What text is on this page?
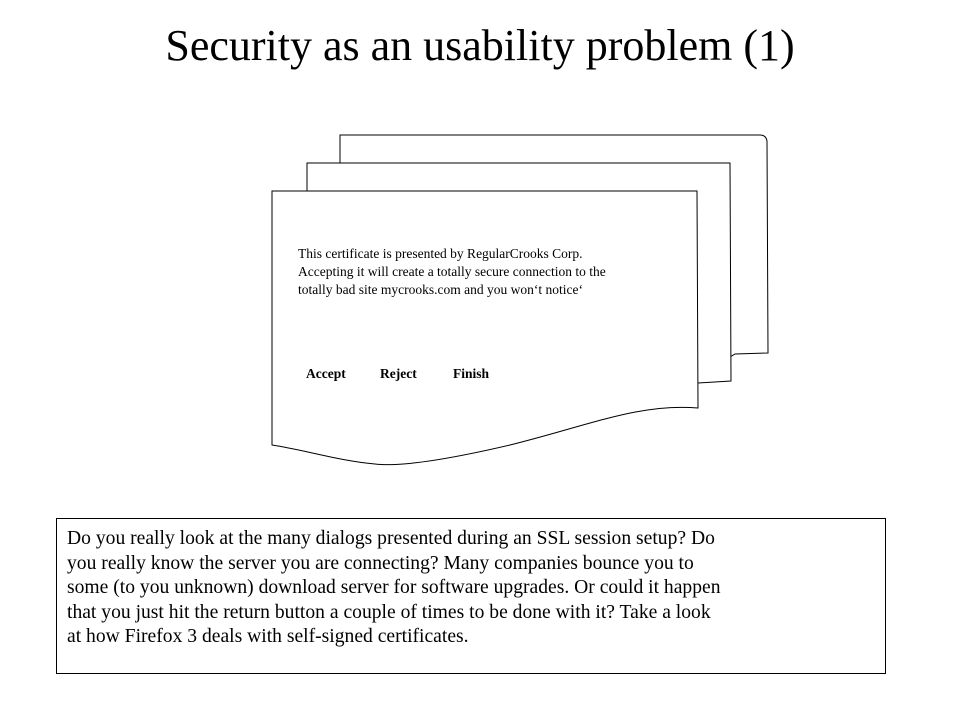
Security as an usability problem (1)
This certificate is presented by RegularCrooks Corp.
Accepting it will create a totally secure connection to the
totally bad site mycrooks.com and you won‘t notice‘
Accept	Reject	Finish
Do you really look at the many dialogs presented during an SSL session setup? Do
you really know the server you are connecting? Many companies bounce you to
some (to you unknown) download server for software upgrades. Or could it happen
that you just hit the return button a couple of times to be done with it? Take a look
at how Firefox 3 deals with self-signed certificates.
